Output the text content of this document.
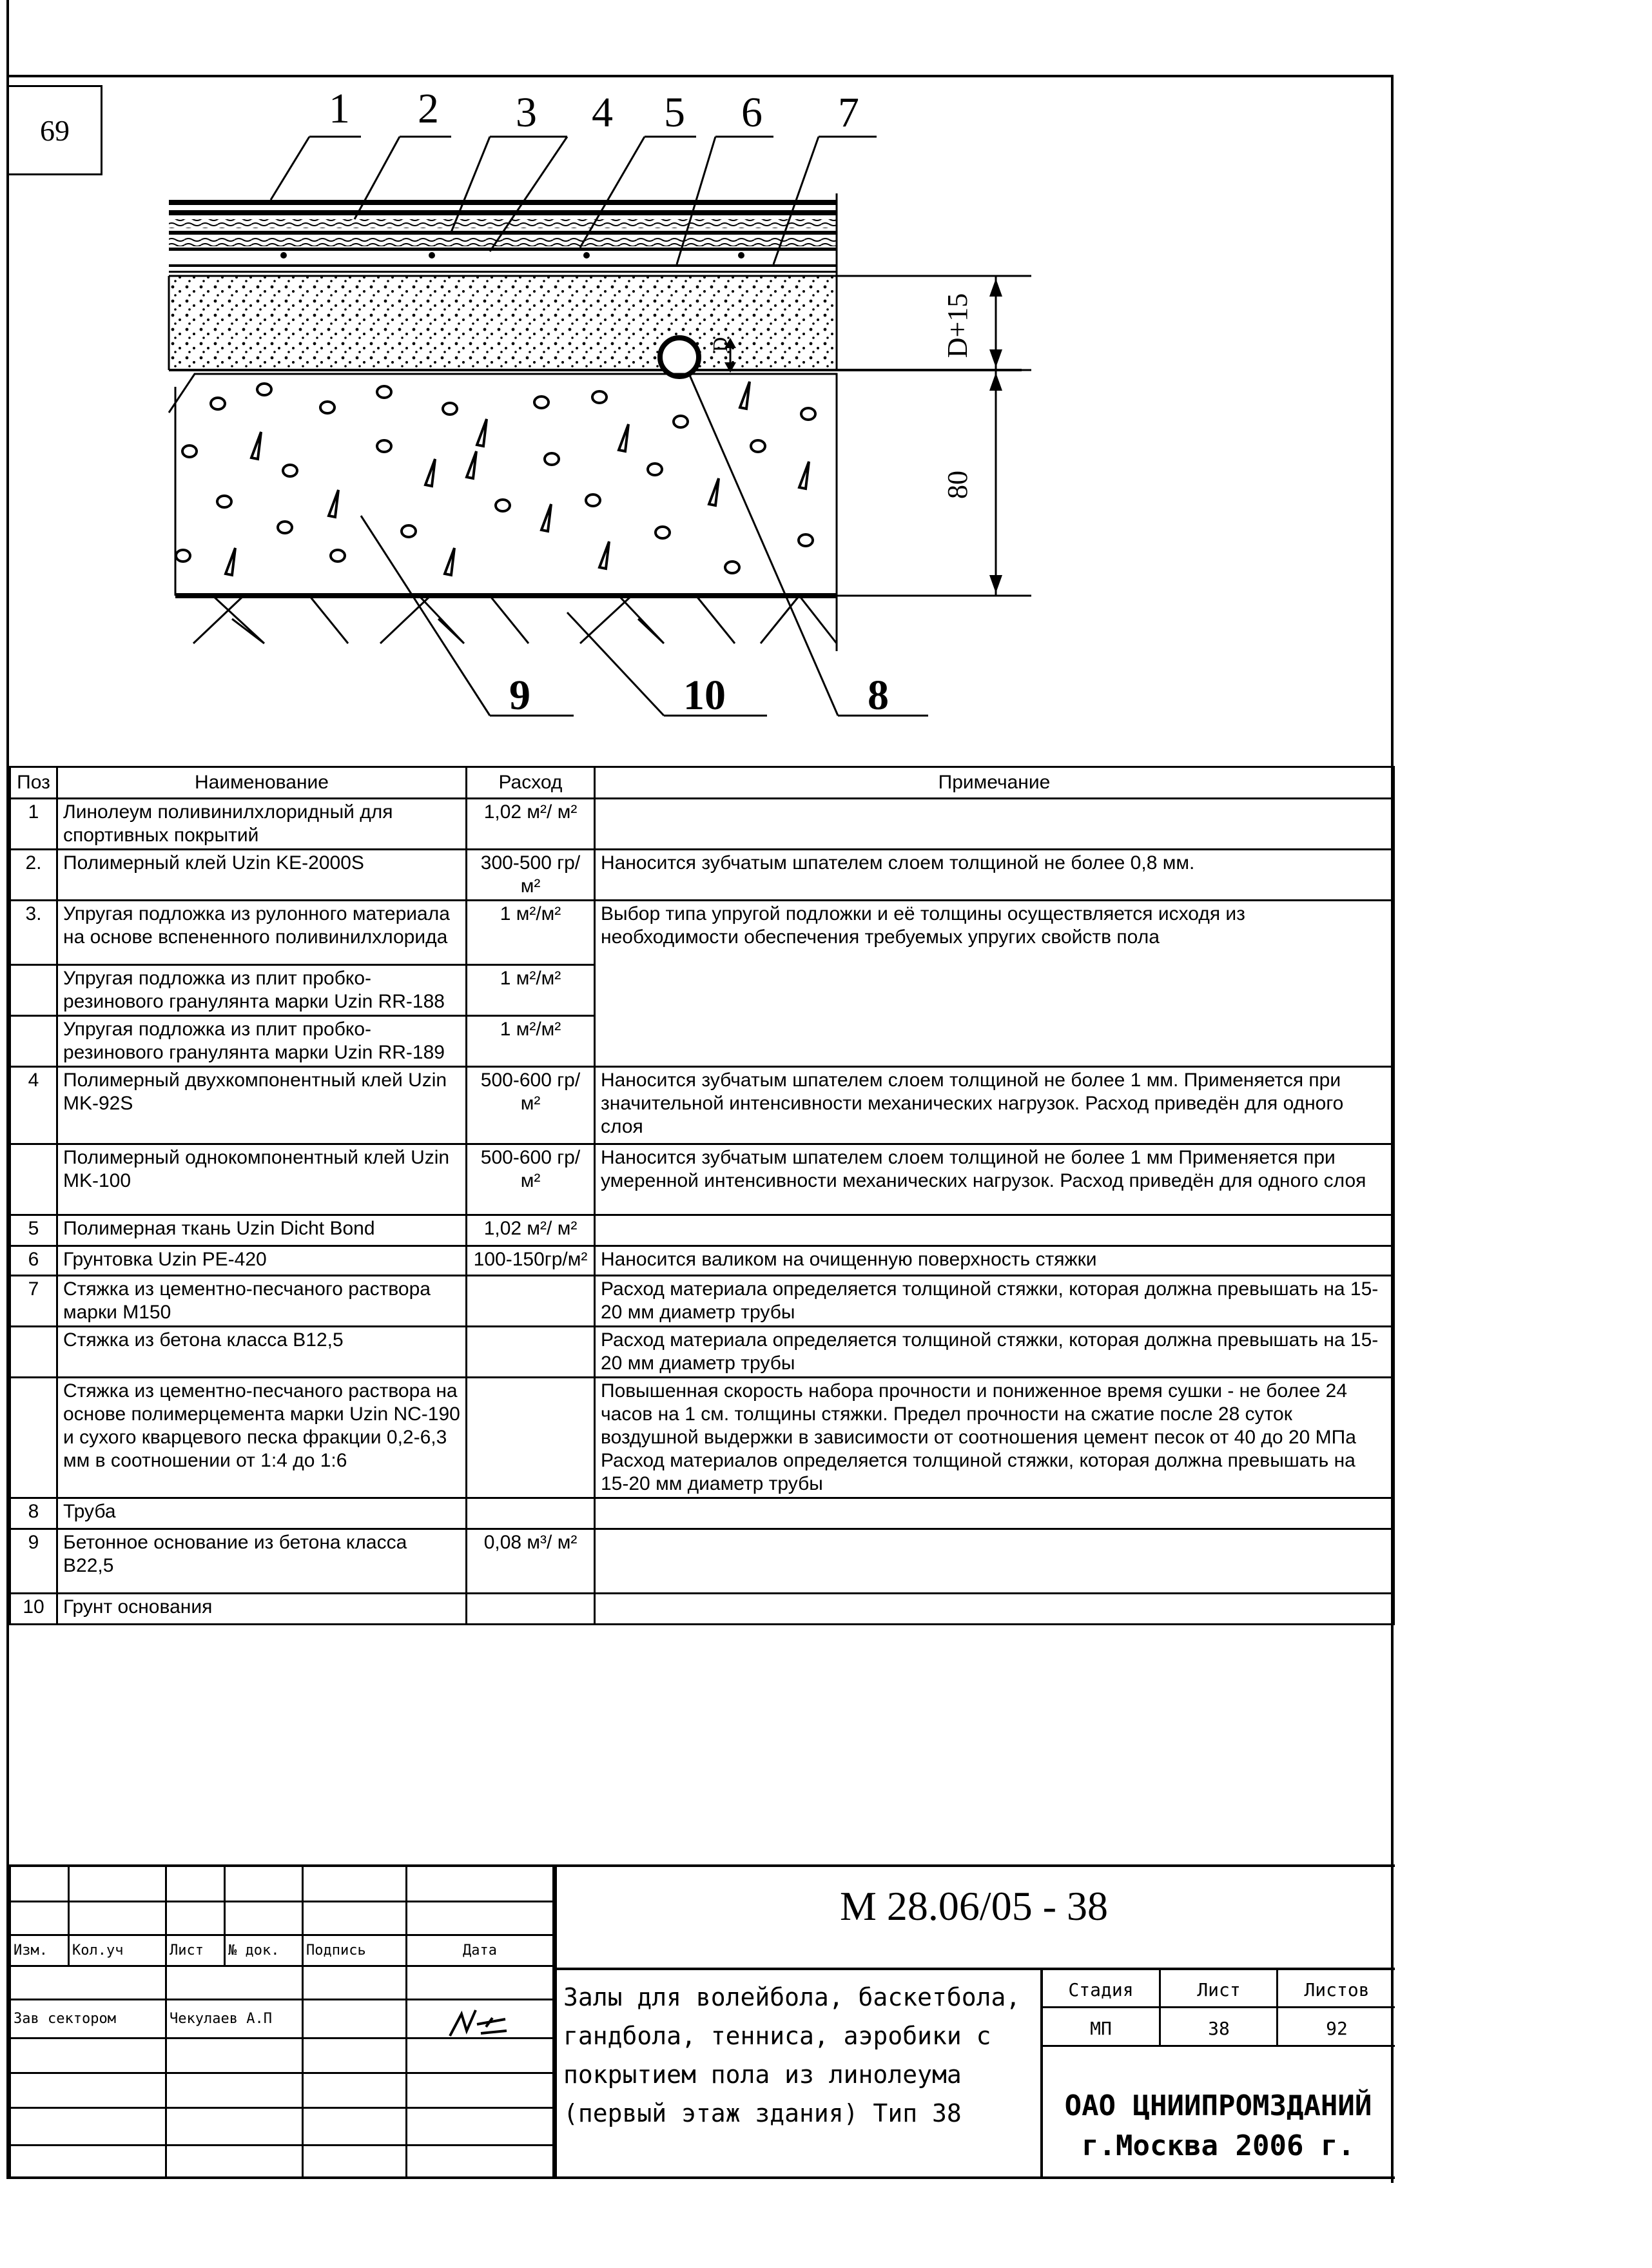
69
D	D+15
80
1 2 3 4 5 6 7
9	10	8
Поз	Наименование	Расход	Примечание
1	Линолеум поливинилхлоридный для спортивных покрытий	1,02 м²/ м²	
2.	Полимерный клей Uzin KE-2000S	300-500 гр/м²	Наносится зубчатым шпателем слоем толщиной не более 0,8 мм.
3.	Упругая подложка из рулонного материала на основе вспененного поливинилхлорида	1 м²/м²	Выбор типа упругой подложки и её толщины осуществляется исходя из необходимости обеспечения требуемых упругих свойств пола
	Упругая подложка из плит пробко-резинового гранулянта марки Uzin RR-188	1 м²/м²	
	Упругая подложка из плит пробко-резинового гранулянта марки Uzin RR-189	1 м²/м²	
4	Полимерный двухкомпонентный клей Uzin MK-92S	500-600 гр/м²	Наносится зубчатым шпателем слоем толщиной не более 1 мм. Применяется при значительной интенсивности механических нагрузок. Расход приведён для одного слоя
	Полимерный однокомпонентный клей Uzin MK-100	500-600 гр/м²	Наносится зубчатым шпателем слоем толщиной не более 1 мм Применяется при умеренной интенсивности механических нагрузок. Расход приведён для одного слоя
5	Полимерная ткань Uzin Dicht Bond	1,02 м²/ м²	
6	Грунтовка Uzin PE-420	100-150гр/м²	Наносится валиком на очищенную поверхность стяжки
7	Стяжка из цементно-песчаного раствора марки М150		Расход материала определяется толщиной стяжки, которая должна превышать на 15-20 мм диаметр трубы
	Стяжка из бетона класса В12,5		Расход материала определяется толщиной стяжки, которая должна превышать на 15-20 мм диаметр трубы
	Стяжка из цементно-песчаного раствора на основе полимерцемента марки Uzin NC-190 и сухого кварцевого песка фракции 0,2-6,3 мм в соотношении от 1:4 до 1:6		Повышенная скорость набора прочности и пониженное время сушки - не более 24 часов на 1 см. толщины стяжки. Предел прочности на сжатие после 28 суток воздушной выдержки в зависимости от соотношения цемент песок от 40 до 20 МПа Расход материалов определяется толщиной стяжки, которая должна превышать на 15-20 мм диаметр трубы
8	Труба		
9	Бетонное основание из бетона класса В22,5	0,08 м³/ м²	
10	Грунт основания		

Изм.	Кол.уч	Лист	№ док.	Подпись	Дата

Зав сектором		Чекулаев А.П			

М 28.06/05 - 38
Залы для волейбола, баскетбола, гандбола, тенниса, аэробики с покрытием пола из линолеума (первый этаж здания) Тип 38
Стадия	Лист	Листов
МП	38	92
ОАО ЦНИИПРОМЗДАНИЙ
г.Москва 2006 г.
